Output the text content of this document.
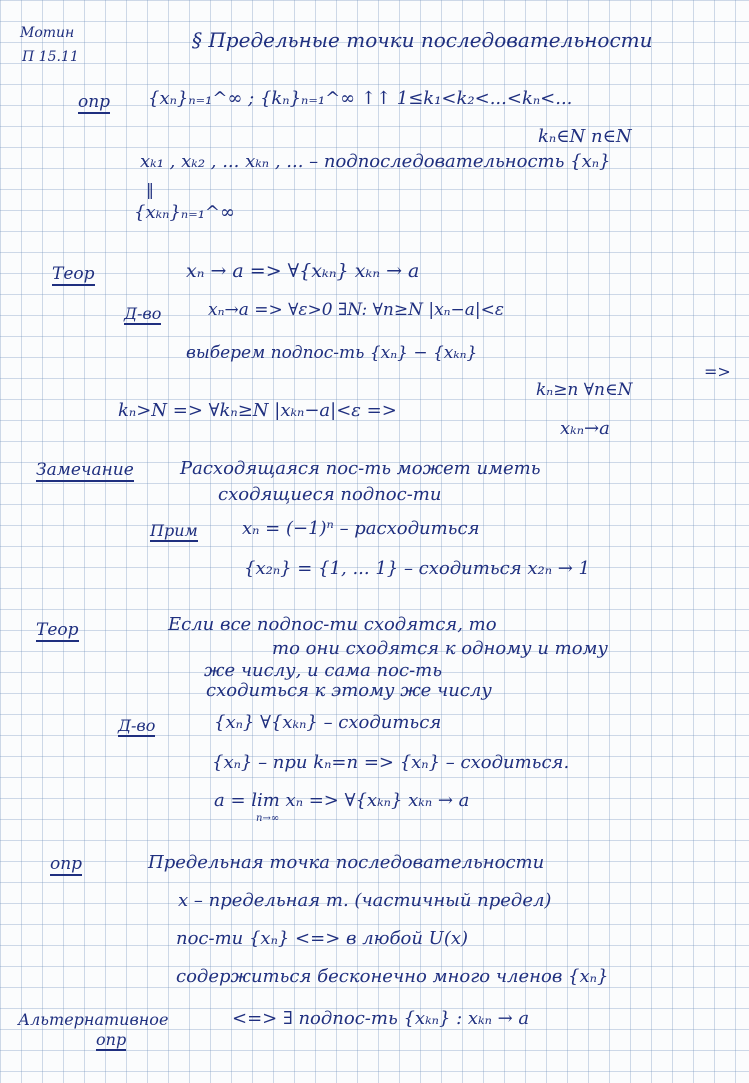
Мотин
П 15.11
§ Предельные точки последовательности
опр {xₙ}ₙ₌₁^∞ ; {kₙ}ₙ₌₁^∞ ↑↑ 1≤k₁<k₂<...<kₙ<...
kₙ∈N n∈N
xₖ₁ , xₖ₂ , ... xₖₙ , ... – подпоследовательность {xₙ}
‖
{xₖₙ}ₙ₌₁^∞
Теор	xₙ → a => ∀{xₖₙ} xₖₙ → a
Д-во	xₙ→a => ∀ε>0 ∃N: ∀n≥N |xₙ−a|<ε
выберем подпос-ть {xₙ} − {xₖₙ}
=>
kₙ≥n ∀n∈N
kₙ>N => ∀kₙ≥N |xₖₙ−a|<ε =>
xₖₙ→a
Замечание	Расходящаяся пос-ть может иметь
сходящиеся подпос-ти
Прим xₙ = (−1)ⁿ – расходиться
{x₂ₙ} = {1, ... 1} – сходиться x₂ₙ → 1
Теор	Если все подпос-ти сходятся, то
то они сходятся к одному и тому
же числу, и сама пос-ть
сходиться к этому же числу
Д-во	{xₙ} ∀{xₖₙ} – сходиться
{xₙ} – при kₙ=n => {xₙ} – сходиться.
a = lim xₙ => ∀{xₖₙ} xₖₙ → a
n→∞
опр	Предельная точка последовательности
x – предельная т. (частичный предел)
пос-ти {xₙ} <=> в любой U(x)
содержиться бесконечно много членов {xₙ}
Альтернативное
опр
<=> ∃ подпос-ть {xₖₙ} : xₖₙ → a
